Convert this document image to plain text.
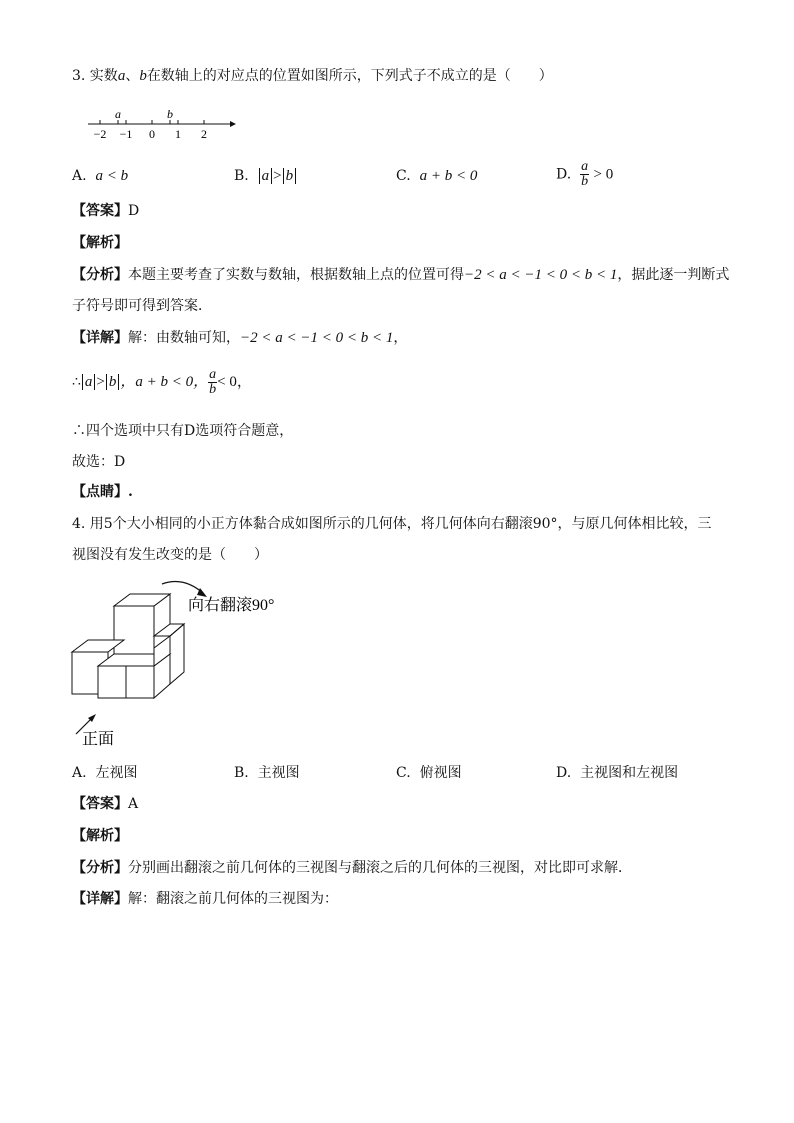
3. 实数a、b在数轴上的对应点的位置如图所示，下列式子不成立的是（　　）
a	b
−2 −1 0 1 2
A. a < b	B. a > b	C. a + b < 0	D. $\frac{a}{b} > 0$
【答案】D
【解析】
【分析】本题主要考查了实数与数轴，根据数轴上点的位置可得−2 < a < −1 < 0 < b < 1，据此逐一判断式
子符号即可得到答案．
【详解】解：由数轴可知，−2 < a < −1 < 0 < b < 1，
∴ a > b ，a + b < 0， $\frac{a}{b} < 0$，
∴四个选项中只有D选项符合题意，
故选：D
【点睛】.
4. 用5个大小相同的小正方体黏合成如图所示的几何体，将几何体向右翻滚90°，与原几何体相比较，三
视图没有发生改变的是（　　）
向右翻滚90°
正面
A. 左视图	B. 主视图	C. 俯视图	D. 主视图和左视图
【答案】A
【解析】
【分析】分别画出翻滚之前几何体的三视图与翻滚之后的几何体的三视图，对比即可求解．
【详解】解：翻滚之前几何体的三视图为：
